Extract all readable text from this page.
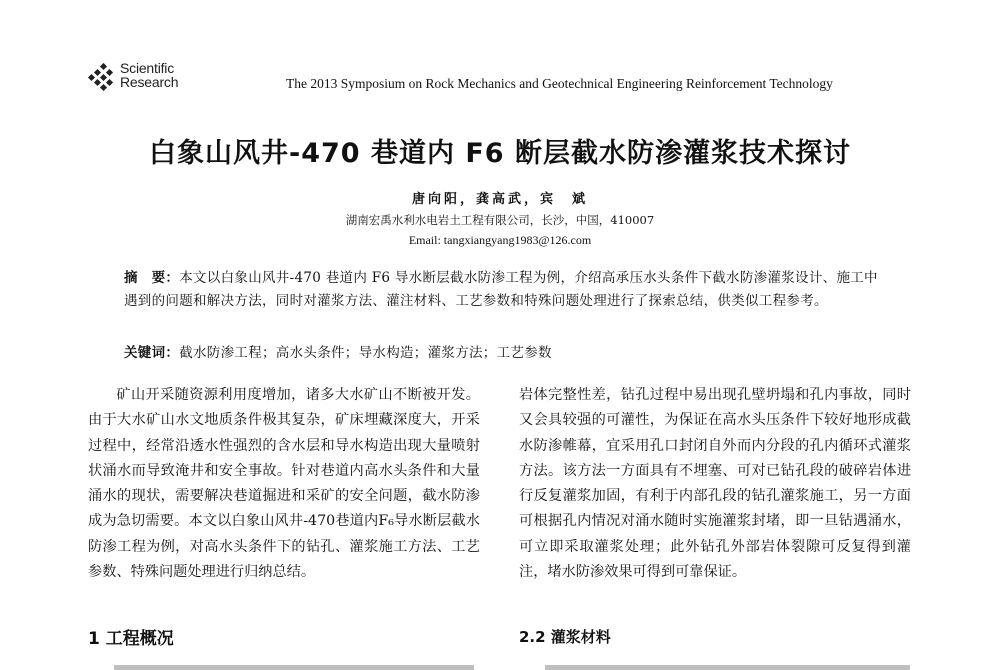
Scientific
Research	The 2013 Symposium on Rock Mechanics and Geotechnical Engineering Reinforcement Technology
白象山风井-470 巷道内 F6 断层截水防渗灌浆技术探讨
唐向阳，龚高武，宾　斌
湖南宏禹水利水电岩土工程有限公司，长沙，中国，410007
Email: tangxiangyang1983@126.com
摘　要：本文以白象山风井-470 巷道内 F6 导水断层截水防渗工程为例，介绍高承压水头条件下截水防渗灌浆设计、施工中遇到的问题和解决方法，同时对灌浆方法、灌注材料、工艺参数和特殊问题处理进行了探索总结，供类似工程参考。
关键词：截水防渗工程；高水头条件；导水构造；灌浆方法；工艺参数

矿山开采随资源利用度增加，诸多大水矿山不断被开发。由于大水矿山水文地质条件极其复杂，矿床埋藏深度大，开采过程中，经常沿透水性强烈的含水层和导水构造出现大量喷射状涌水而导致淹井和安全事故。针对巷道内高水头条件和大量涌水的现状，需要解决巷道掘进和采矿的安全问题，截水防渗成为急切需要。本文以白象山风井-470巷道内F₆导水断层截水防渗工程为例，对高水头条件下的钻孔、灌浆施工方法、工艺参数、特殊问题处理进行归纳总结。

岩体完整性差，钻孔过程中易出现孔壁坍塌和孔内事故，同时又会具较强的可灌性，为保证在高水头压条件下较好地形成截水防渗帷幕，宜采用孔口封闭自外而内分段的孔内循环式灌浆方法。该方法一方面具有不埋塞、可对已钻孔段的破碎岩体进行反复灌浆加固，有利于内部孔段的钻孔灌浆施工，另一方面可根据孔内情况对涌水随时实施灌浆封堵，即一旦钻遇涌水，可立即采取灌浆处理；此外钻孔外部岩体裂隙可反复得到灌注，堵水防渗效果可得到可靠保证。

1 工程概况	2.2 灌浆材料
